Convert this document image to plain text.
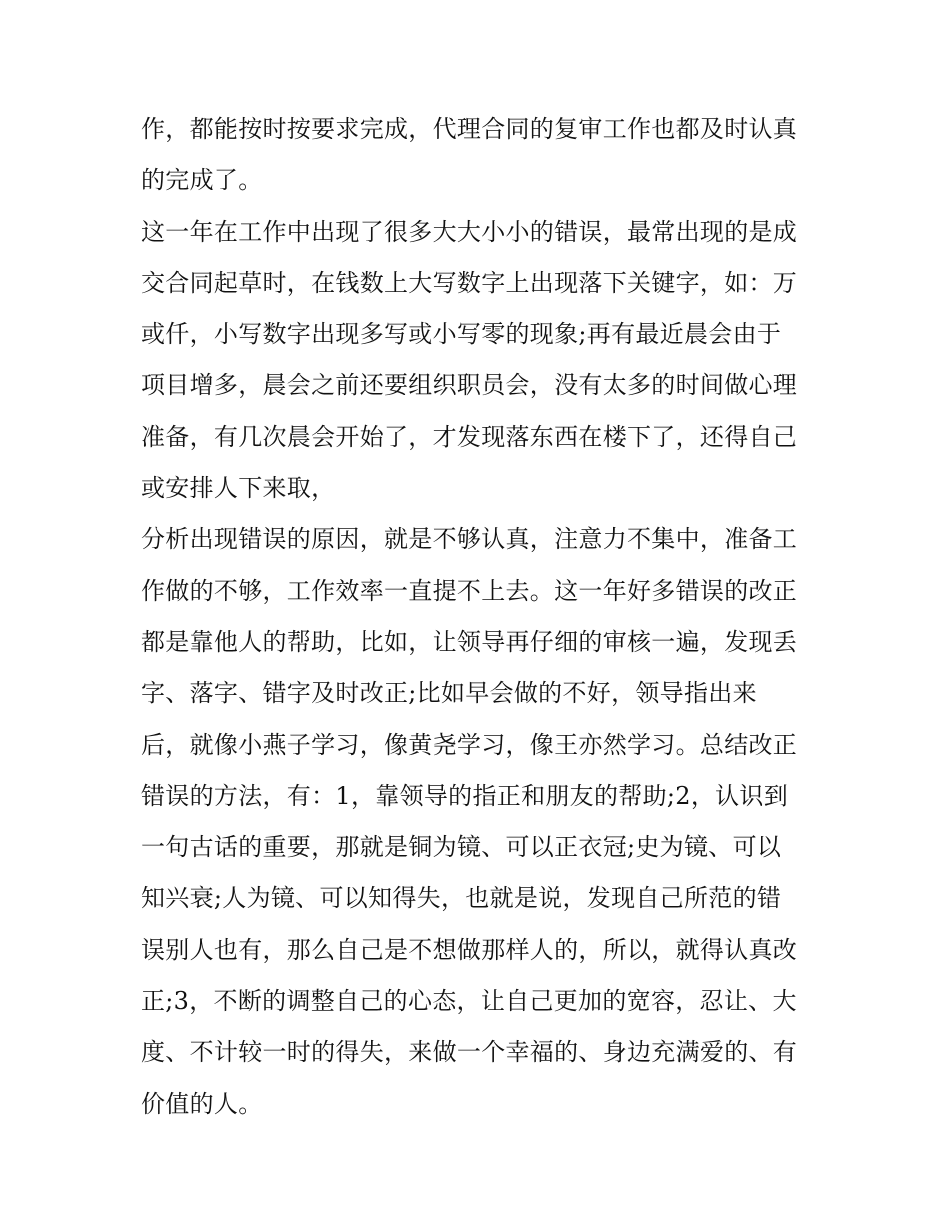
作，都能按时按要求完成，代理合同的复审工作也都及时认真
的完成了。
这一年在工作中出现了很多大大小小的错误，最常出现的是成
交合同起草时，在钱数上大写数字上出现落下关键字，如：万
或仟，小写数字出现多写或小写零的现象;再有最近晨会由于
项目增多，晨会之前还要组织职员会，没有太多的时间做心理
准备，有几次晨会开始了，才发现落东西在楼下了，还得自己
或安排人下来取，
分析出现错误的原因，就是不够认真，注意力不集中，准备工
作做的不够，工作效率一直提不上去。这一年好多错误的改正
都是靠他人的帮助，比如，让领导再仔细的审核一遍，发现丢
字、落字、错字及时改正;比如早会做的不好，领导指出来
后，就像小燕子学习，像黄尧学习，像王亦然学习。总结改正
错误的方法，有：1，靠领导的指正和朋友的帮助;2，认识到
一句古话的重要，那就是铜为镜、可以正衣冠;史为镜、可以
知兴衰;人为镜、可以知得失，也就是说，发现自己所范的错
误别人也有，那么自己是不想做那样人的，所以，就得认真改
正;3，不断的调整自己的心态，让自己更加的宽容，忍让、大
度、不计较一时的得失，来做一个幸福的、身边充满爱的、有
价值的人。
